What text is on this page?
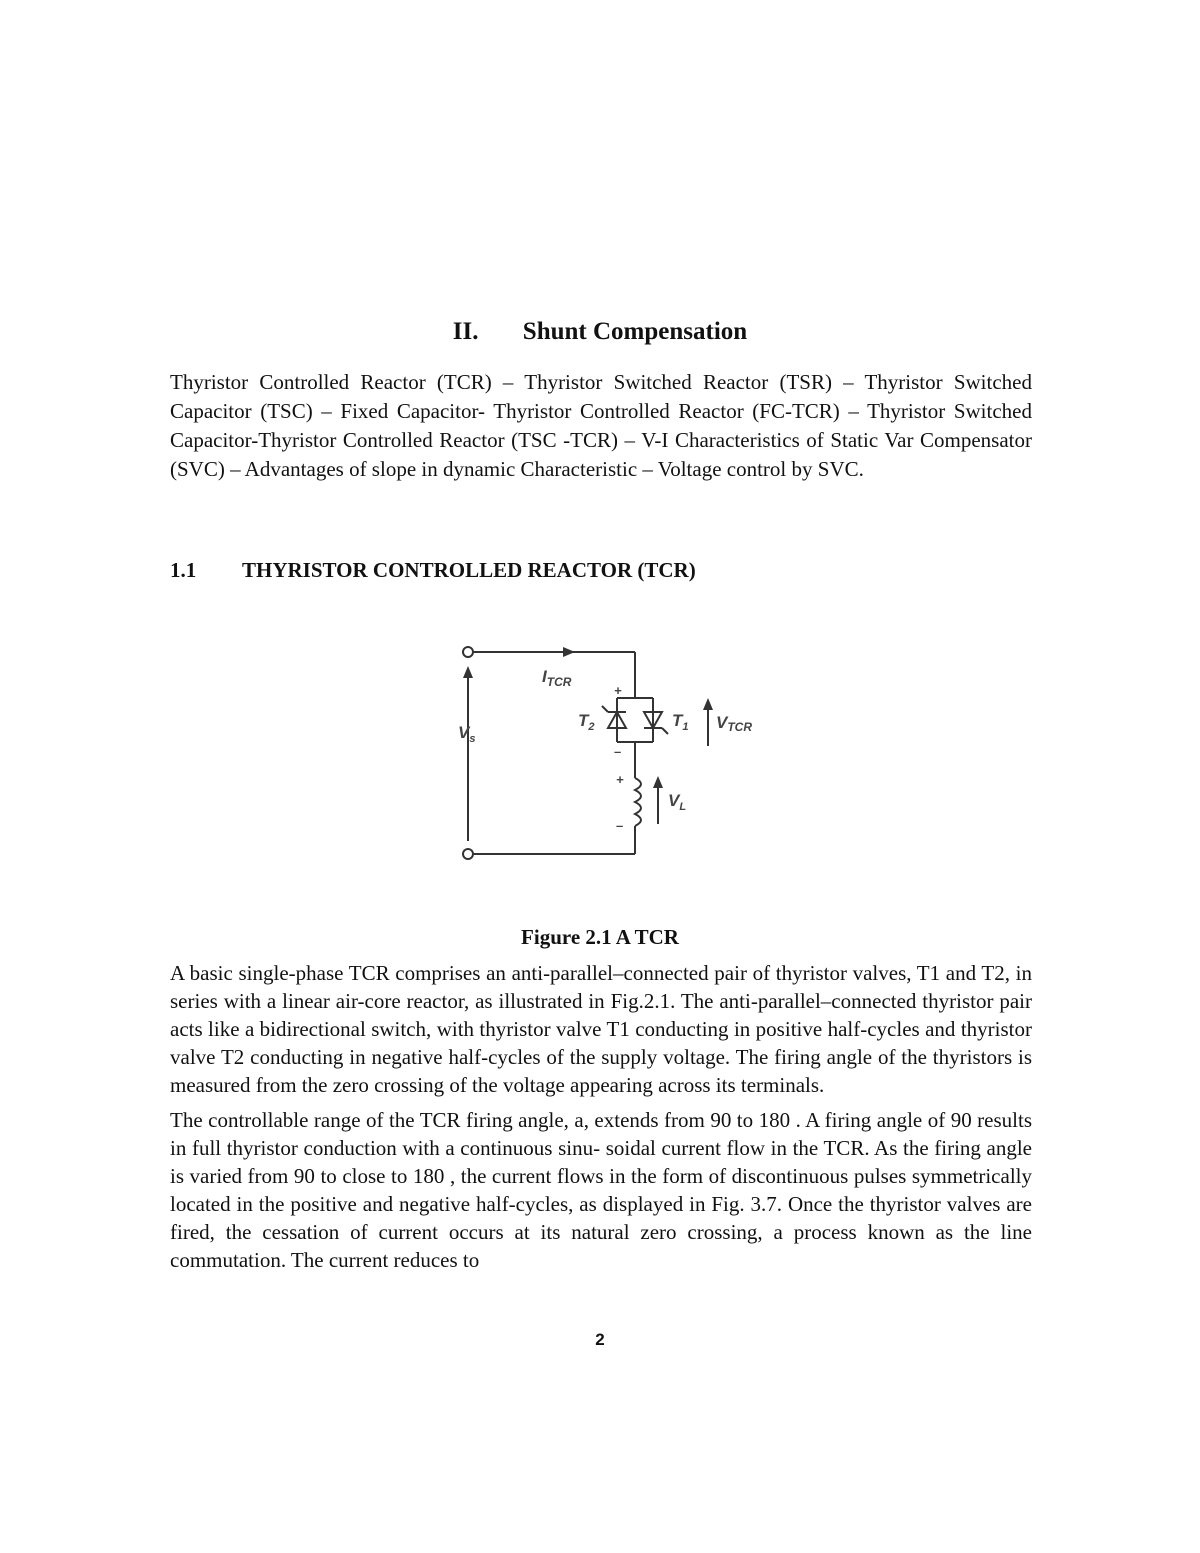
II. Shunt Compensation

Thyristor Controlled Reactor (TCR) – Thyristor Switched Reactor (TSR) – Thyristor Switched Capacitor (TSC) – Fixed Capacitor- Thyristor Controlled Reactor (FC-TCR) – Thyristor Switched Capacitor-Thyristor Controlled Reactor (TSC -TCR) – V-I Characteristics of Static Var Compensator (SVC) – Advantages of slope in dynamic Characteristic – Voltage control by SVC.

1.1 THYRISTOR CONTROLLED REACTOR (TCR)
$I_{TCR}$
$V_s$
$T_2$	$T_1$ VTCR
$V_L$
+
–
+
–
Figure 2.1 A TCR

A basic single-phase TCR comprises an anti-parallel–connected pair of thyristor valves, T1 and T2, in series with a linear air-core reactor, as illustrated in Fig.2.1. The anti-parallel–connected thyristor pair acts like a bidirectional switch, with thyristor valve T1 conducting in positive half-cycles and thyristor valve T2 conducting in negative half-cycles of the supply voltage. The firing angle of the thyristors is measured from the zero crossing of the voltage appearing across its terminals.

The controllable range of the TCR firing angle, a, extends from 90 to 180 . A firing angle of 90 results in full thyristor conduction with a continuous sinu- soidal current flow in the TCR. As the firing angle is varied from 90 to close to 180 , the current flows in the form of discontinuous pulses symmetrically located in the positive and negative half-cycles, as displayed in Fig. 3.7. Once the thyristor valves are fired, the cessation of current occurs at its natural zero crossing, a process known as the line commutation. The current reduces to

2
